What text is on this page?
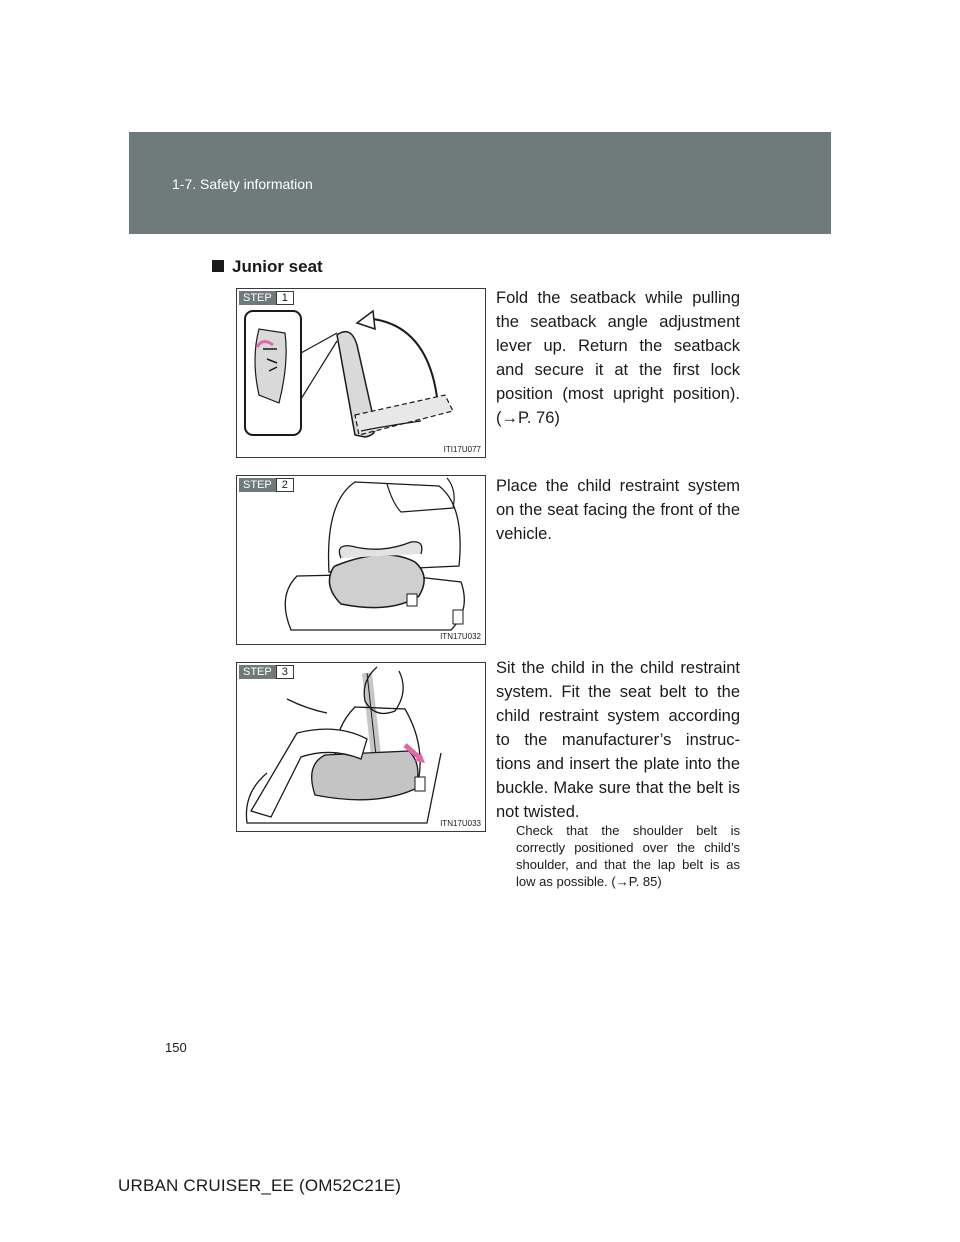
1-7. Safety information
Junior seat
STEP 1
ITI17U077
Fold the seatback while pulling the seatback angle adjustment lever up. Return the seatback and secure it at the first lock position (most upright position). (→P. 76)
STEP 2
ITN17U032
Place the child restraint system on the seat facing the front of the vehicle.
STEP 3
ITN17U033
Sit the child in the child restraint system. Fit the seat belt to the child restraint system according to the manufacturer’s instruc-tions and insert the plate into the buckle. Make sure that the belt is not twisted.
Check that the shoulder belt is correctly positioned over the child’s shoulder, and that the lap belt is as low as possible. (→P. 85)
150
URBAN CRUISER_EE (OM52C21E)
